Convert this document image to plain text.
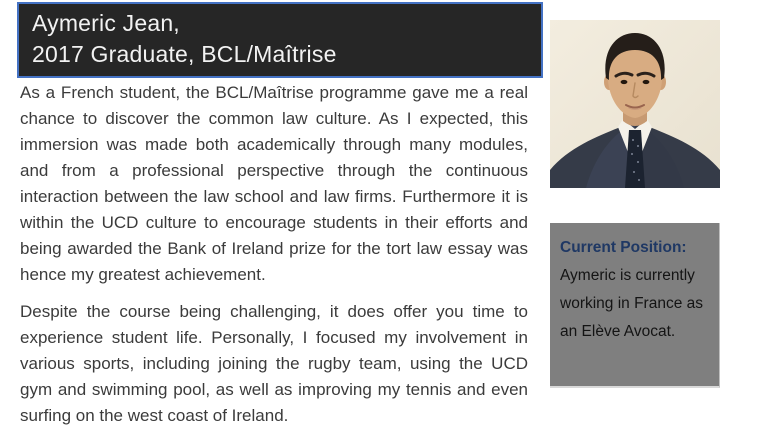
Aymeric Jean,
2017 Graduate, BCL/Maîtrise

As a French student, the BCL/Maîtrise programme gave me a real chance to discover the common law culture. As I expected, this immersion was made both academically through many modules, and from a professional perspective through the continuous interaction between the law school and law firms. Furthermore it is within the UCD culture to encourage students in their efforts and being awarded the Bank of Ireland prize for the tort law essay was hence my greatest achievement.

Despite the course being challenging, it does offer you time to experience student life. Personally, I focused my involvement in various sports, including joining the rugby team, using the UCD gym and swimming pool, as well as improving my tennis and even surfing on the west coast of Ireland.

Current Position:
Aymeric is currently working in France as an Elève Avocat.
